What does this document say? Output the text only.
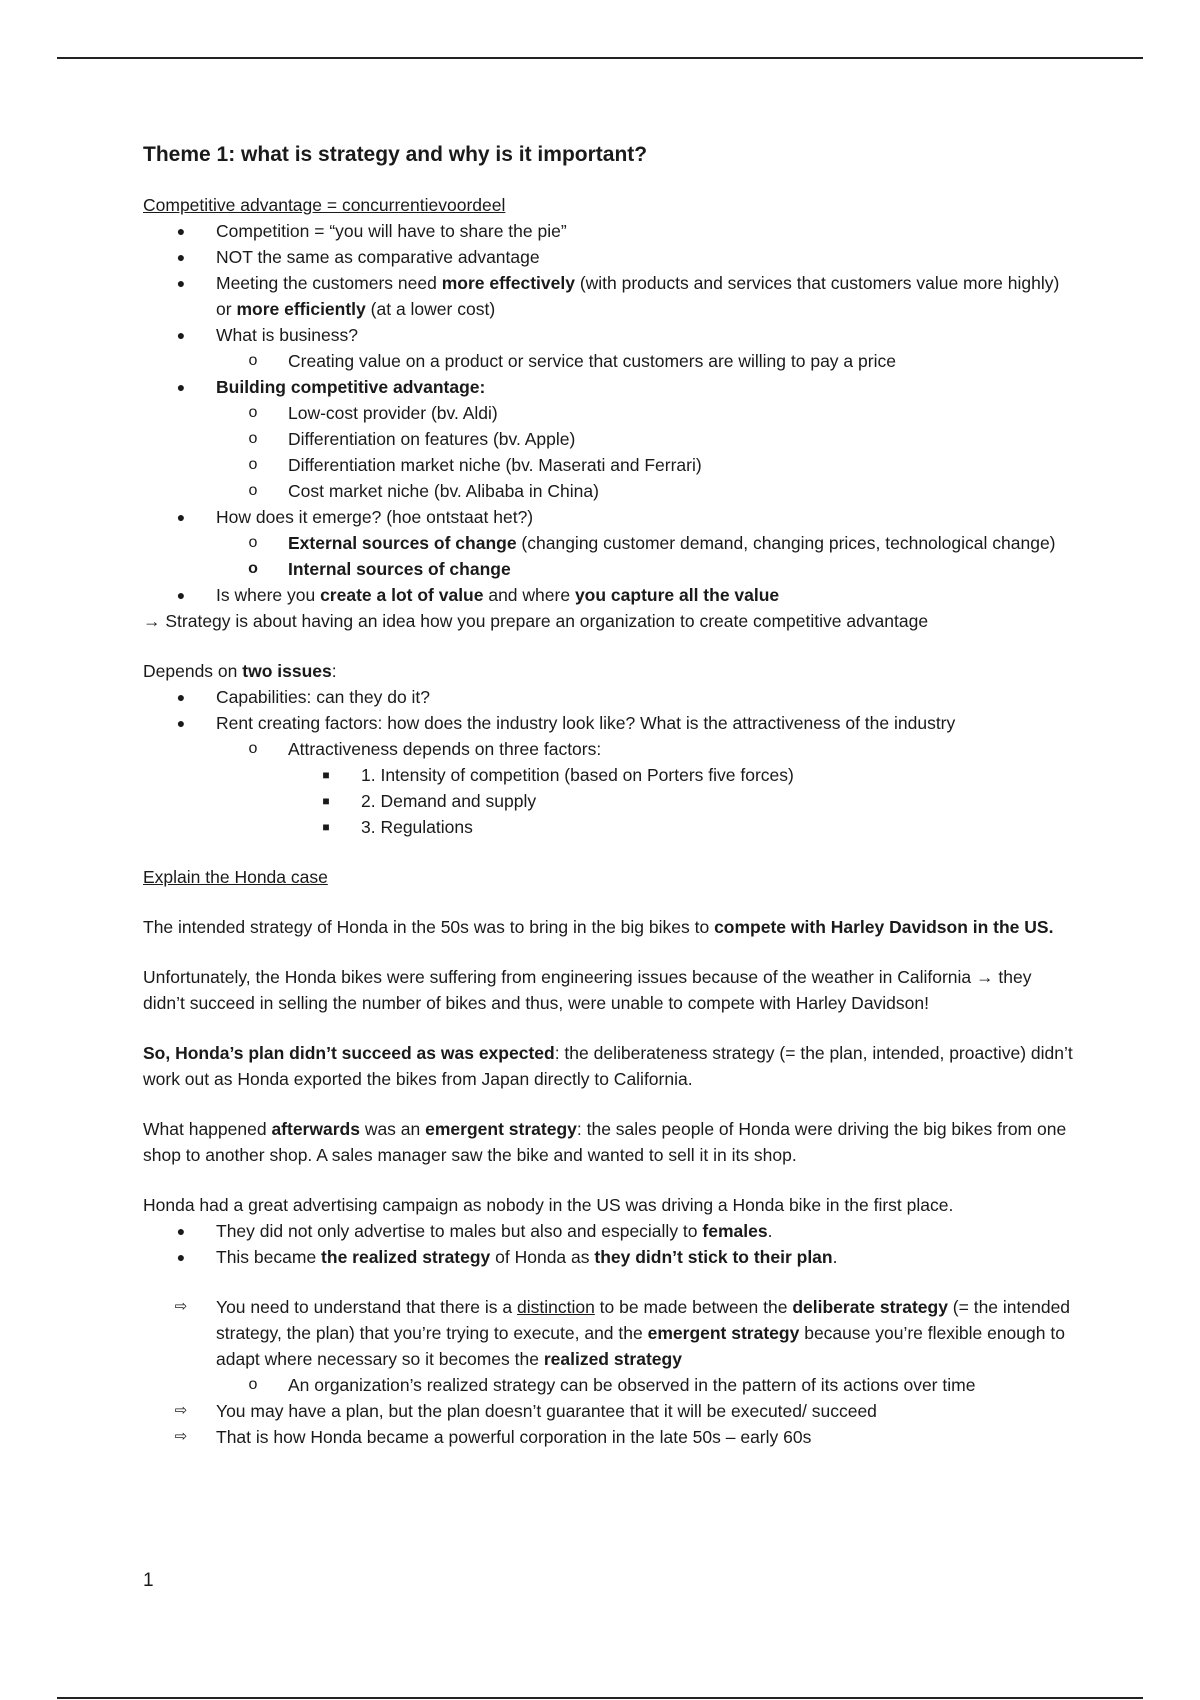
Theme 1: what is strategy and why is it important?

Competitive advantage = concurrentievoordeel

●	Competition = “you will have to share the pie”
●	NOT the same as comparative advantage
●	Meeting the customers need more effectively (with products and services that customers value more highly) or more efficiently (at a lower cost)
●	What is business?
o	Creating value on a product or service that customers are willing to pay a price
●	Building competitive advantage:
o	Low-cost provider (bv. Aldi)
o	Differentiation on features (bv. Apple)
o	Differentiation market niche (bv. Maserati and Ferrari)
o	Cost market niche (bv. Alibaba in China)
●	How does it emerge? (hoe ontstaat het?)
o	External sources of change (changing customer demand, changing prices, technological change)
o Internal sources of change
●	Is where you create a lot of value and where you capture all the value

→ Strategy is about having an idea how you prepare an organization to create competitive advantage

Depends on two issues:

●	Capabilities: can they do it?
●	Rent creating factors: how does the industry look like? What is the attractiveness of the industry
o	Attractiveness depends on three factors:
■	1. Intensity of competition (based on Porters five forces)
■	2. Demand and supply
■	3. Regulations

Explain the Honda case

The intended strategy of Honda in the 50s was to bring in the big bikes to compete with Harley Davidson in the US.

Unfortunately, the Honda bikes were suffering from engineering issues because of the weather in California → they didn’t succeed in selling the number of bikes and thus, were unable to compete with Harley Davidson!

So, Honda’s plan didn’t succeed as was expected: the deliberateness strategy (= the plan, intended, proactive) didn’t work out as Honda exported the bikes from Japan directly to California.

What happened afterwards was an emergent strategy: the sales people of Honda were driving the big bikes from one shop to another shop. A sales manager saw the bike and wanted to sell it in its shop.

Honda had a great advertising campaign as nobody in the US was driving a Honda bike in the first place.

●	They did not only advertise to males but also and especially to females.
●	This became the realized strategy of Honda as they didn’t stick to their plan.
⇨ You need to understand that there is a distinction to be made between the deliberate strategy (= the intended strategy, the plan) that you’re trying to execute, and the emergent strategy because you’re flexible enough to adapt where necessary so it becomes the realized strategy
o	An organization’s realized strategy can be observed in the pattern of its actions over time
⇨ You may have a plan, but the plan doesn’t guarantee that it will be executed/ succeed
⇨ That is how Honda became a powerful corporation in the late 50s – early 60s
1
